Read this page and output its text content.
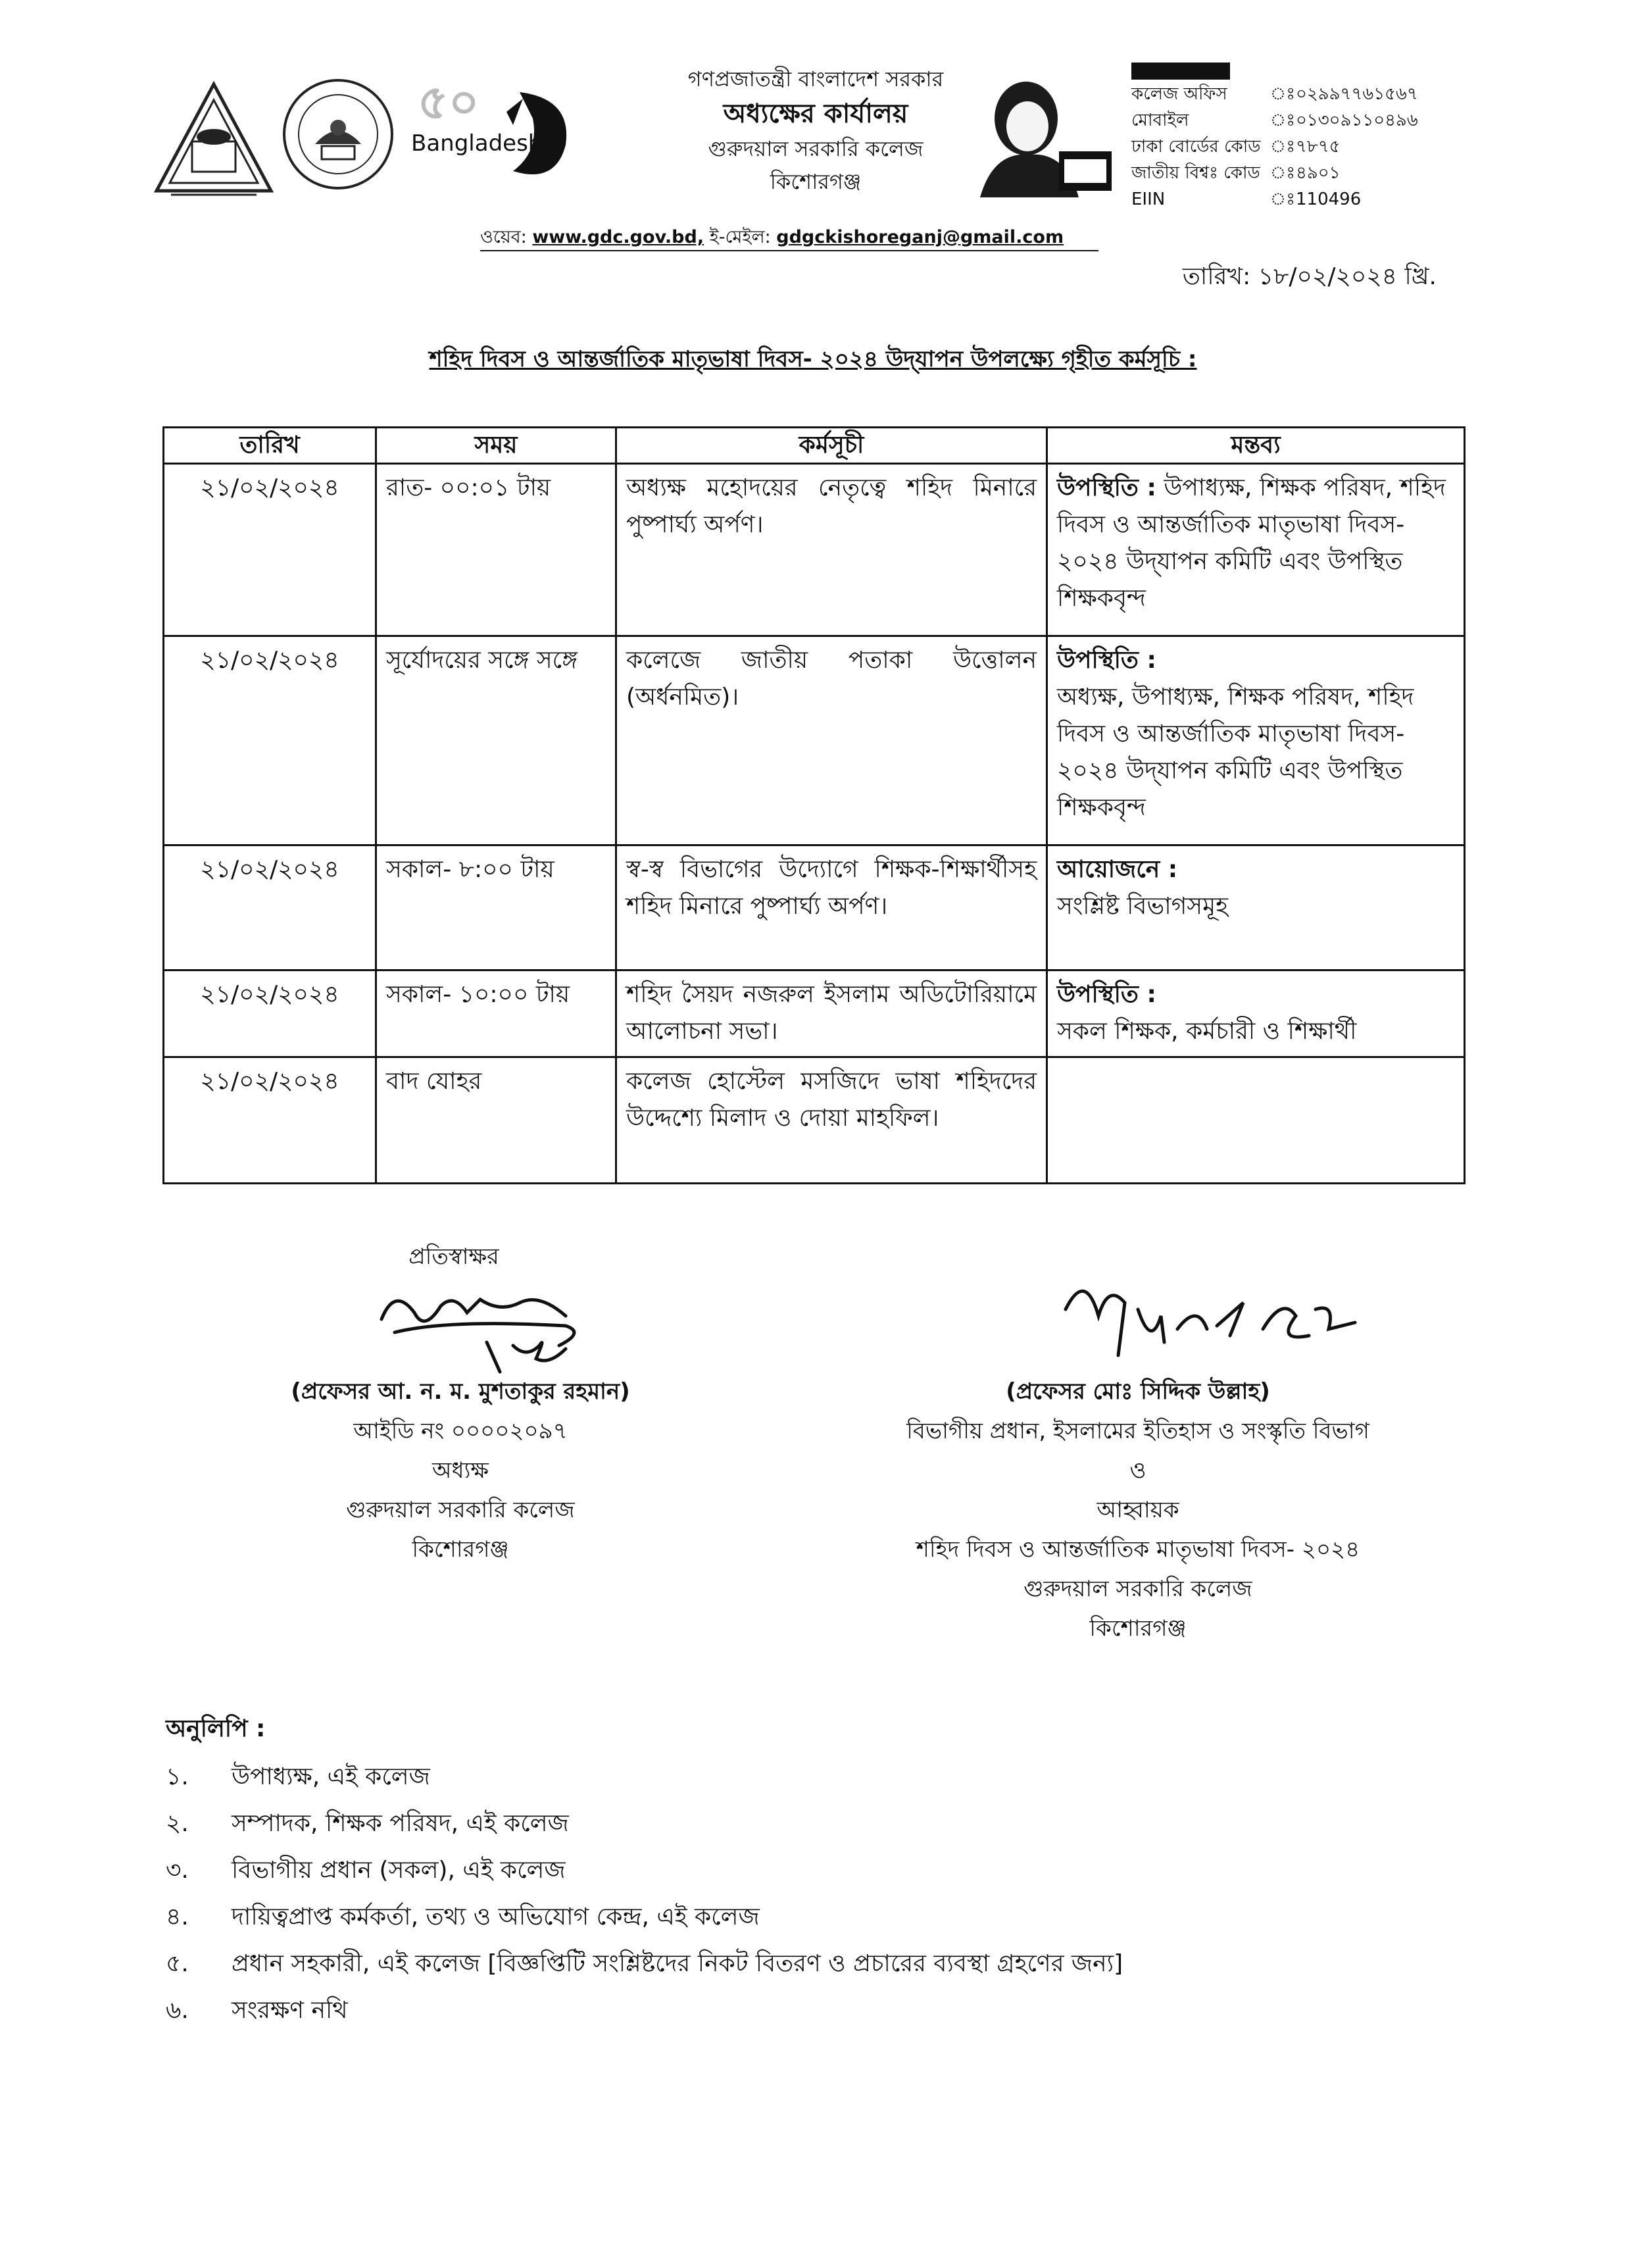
৫০
Bangladesh
গণপ্রজাতন্ত্রী বাংলাদেশ সরকার
অধ্যক্ষের কার্যালয়
গুরুদয়াল সরকারি কলেজ
কিশোরগঞ্জ
কলেজ অফিস	ঃ ০২৯৯৭৭৬১৫৬৭
মোবাইল	ঃ ০১৩০৯১১০৪৯৬
ঢাকা বোর্ডের কোড ঃ ৭৮৭৫
জাতীয় বিশ্বঃ কোড ঃ ৪৯০১
EIIN	ঃ 110496
ওয়েব: www.gdc.gov.bd, ই-মেইল: gdgckishoreganj@gmail.com
তারিখ: ১৮/০২/২০২৪ খ্রি.
শহিদ দিবস ও আন্তর্জাতিক মাতৃভাষা দিবস- ২০২৪ উদ্‌যাপন উপলক্ষ্যে গৃহীত কর্মসূচি :
তারিখ	সময়	কর্মসূচী	মন্তব্য
২১/০২/২০২৪	রাত- ০০:০১ টায়	অধ্যক্ষ মহোদয়ের নেতৃত্বে শহিদ মিনারে পুষ্পার্ঘ্য অর্পণ।	উপস্থিতি : উপাধ্যক্ষ, শিক্ষক পরিষদ, শহিদ দিবস ও আন্তর্জাতিক মাতৃভাষা দিবস- ২০২৪ উদ্‌যাপন কমিটি এবং উপস্থিত শিক্ষকবৃন্দ
২১/০২/২০২৪	সূর্যোদয়ের সঙ্গে সঙ্গে	কলেজে জাতীয় পতাকা উত্তোলন (অর্ধনমিত)।	উপস্থিতি :
অধ্যক্ষ, উপাধ্যক্ষ, শিক্ষক পরিষদ, শহিদ দিবস ও আন্তর্জাতিক মাতৃভাষা দিবস- ২০২৪ উদ্‌যাপন কমিটি এবং উপস্থিত শিক্ষকবৃন্দ

২১/০২/২০২৪	সকাল- ৮:০০ টায়	স্ব-স্ব বিভাগের উদ্যোগে শিক্ষক-শিক্ষার্থীসহ শহিদ মিনারে পুষ্পার্ঘ্য অর্পণ।	আয়োজনে :
সংশ্লিষ্ট বিভাগসমূহ

২১/০২/২০২৪	সকাল- ১০:০০ টায়	শহিদ সৈয়দ নজরুল ইসলাম অডিটোরিয়ামে আলোচনা সভা।	উপস্থিতি :
সকল শিক্ষক, কর্মচারী ও শিক্ষার্থী

২১/০২/২০২৪	বাদ যোহর	কলেজ হোস্টেল মসজিদে ভাষা শহিদদের উদ্দেশ্যে মিলাদ ও দোয়া মাহফিল।	
প্রতিস্বাক্ষর
(প্রফেসর আ. ন. ম. মুশতাকুর রহমান)
আইডি নং ০০০০২০৯৭
অধ্যক্ষ
গুরুদয়াল সরকারি কলেজ
কিশোরগঞ্জ
(প্রফেসর মোঃ সিদ্দিক উল্লাহ)
বিভাগীয় প্রধান, ইসলামের ইতিহাস ও সংস্কৃতি বিভাগ
ও
আহ্বায়ক
শহিদ দিবস ও আন্তর্জাতিক মাতৃভাষা দিবস- ২০২৪
গুরুদয়াল সরকারি কলেজ
কিশোরগঞ্জ
অনুলিপি :
১.	উপাধ্যক্ষ, এই কলেজ
২.	সম্পাদক, শিক্ষক পরিষদ, এই কলেজ
৩.	বিভাগীয় প্রধান (সকল), এই কলেজ
৪.	দায়িত্বপ্রাপ্ত কর্মকর্তা, তথ্য ও অভিযোগ কেন্দ্র, এই কলেজ
৫.	প্রধান সহকারী, এই কলেজ [বিজ্ঞপ্তিটি সংশ্লিষ্টদের নিকট বিতরণ ও প্রচারের ব্যবস্থা গ্রহণের জন্য]
৬.	সংরক্ষণ নথি
